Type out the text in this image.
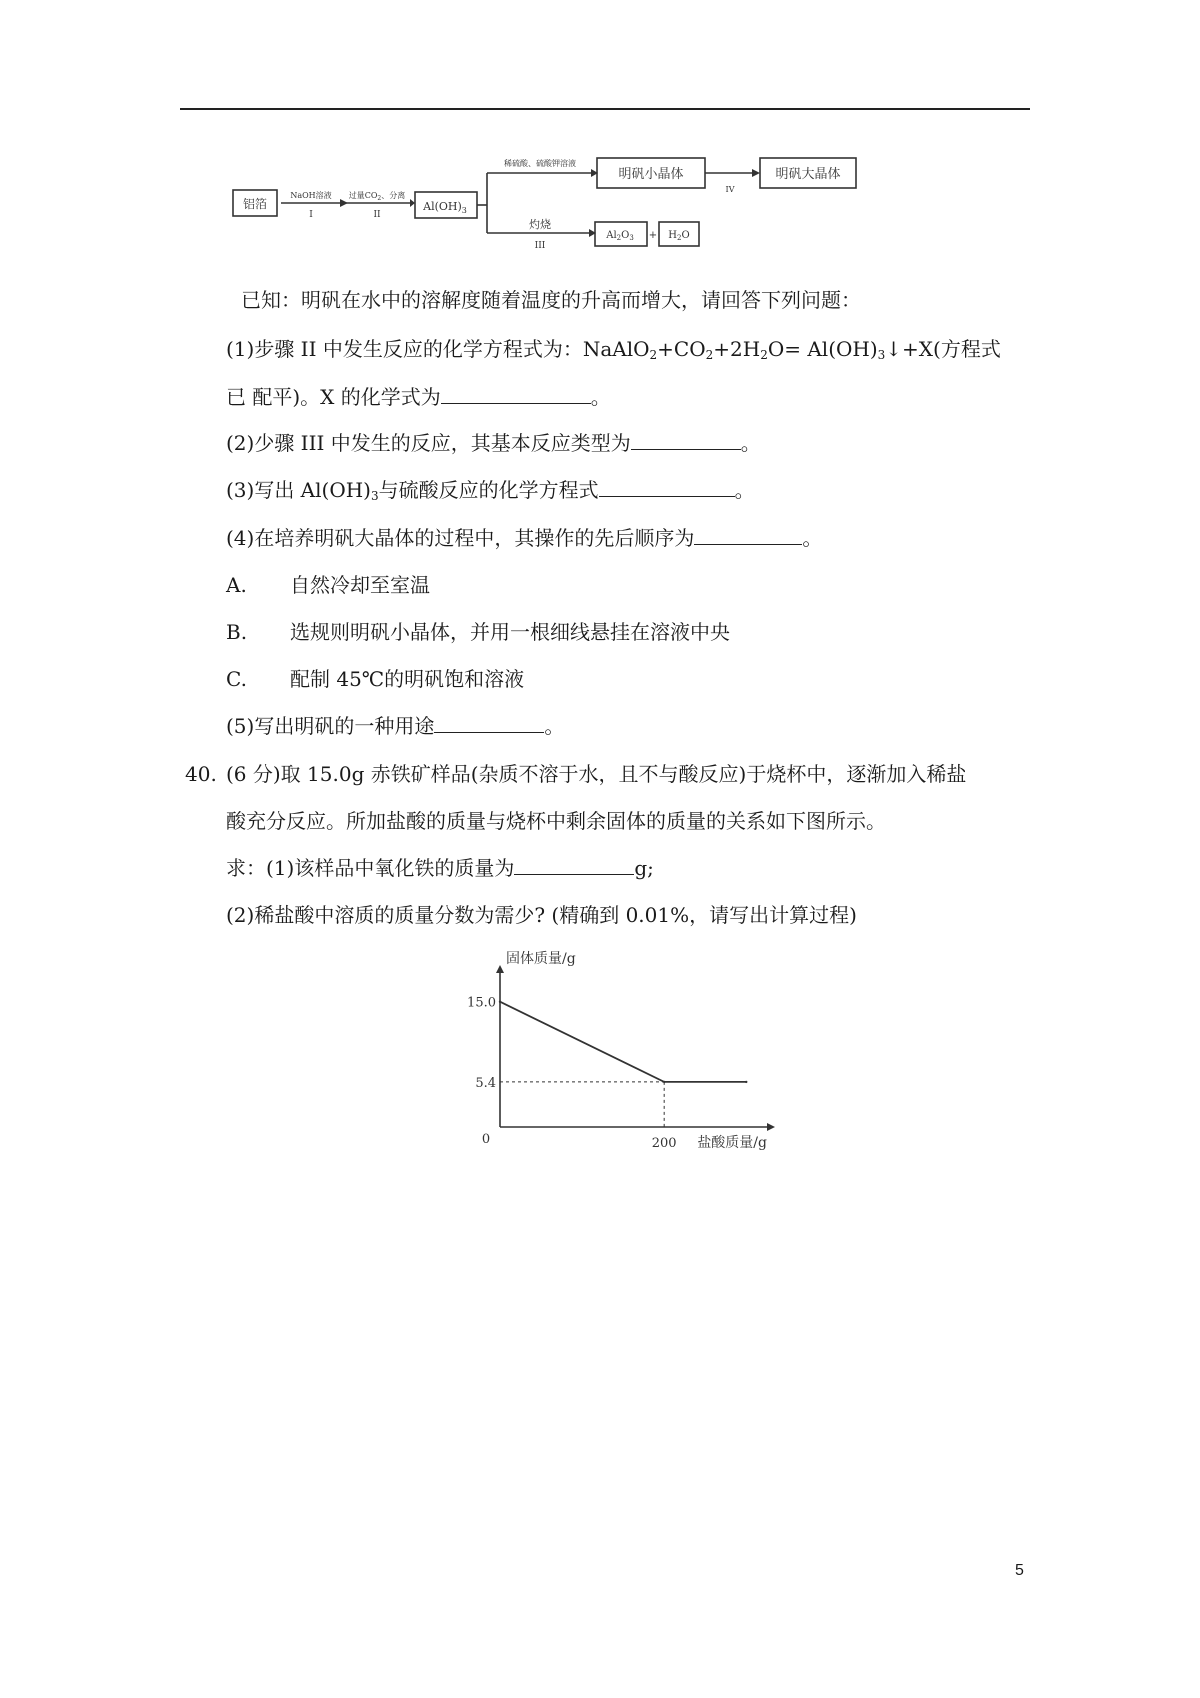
铝箔
NaOH溶液
I
过量$CO_2$、分离
II
$Al(OH)_3$
稀硫酸、硫酸钾溶液
明矾小晶体
IV
明矾大晶体
灼烧
III
$Al_2O_3 + H_2O$
已知：明矾在水中的溶解度随着温度的升高而增大，请回答下列问题：
(1)步骤 II 中发生反应的化学方程式为：$NaAlO_2+CO_2+2H_2O=$ $Al(OH)_3↓+X$(方程式
已 配平)。X 的化学式为	。
(2)少骤 III 中发生的反应，其基本反应类型为	。
(3)写出 $Al(OH)_3$与硫酸反应的化学方程式	。
(4)在培养明矾大晶体的过程中，其操作的先后顺序为	。
A. 自然冷却至室温
B. 选规则明矾小晶体，并用一根细线悬挂在溶液中央
C. 配制 45℃的明矾饱和溶液
(5)写出明矾的一种用途	。
40. (6 分)取 15.0g 赤铁矿样品(杂质不溶于水，且不与酸反应)于烧杯中，逐渐加入稀盐
酸充分反应。所加盐酸的质量与烧杯中剩余固体的质量的关系如下图所示。
求：(1)该样品中氧化铁的质量为	g;
(2)稀盐酸中溶质的质量分数为需少? (精确到 0.01%，请写出计算过程)
固体质量/g
盐酸质量/g
0
15.0
5.4
200
5
